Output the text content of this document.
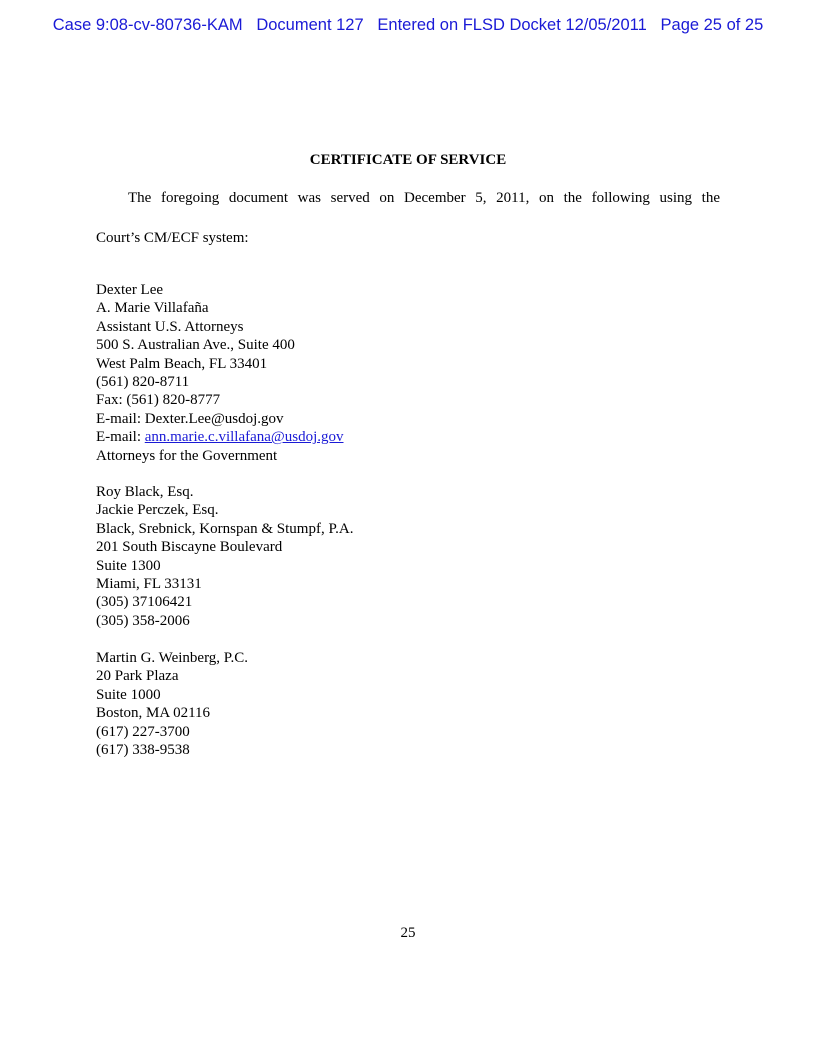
Case 9:08-cv-80736-KAM   Document 127   Entered on FLSD Docket 12/05/2011   Page 25 of 25
CERTIFICATE OF SERVICE
The foregoing document was served on December 5, 2011, on the following using the
Court’s CM/ECF system:
Dexter Lee
A. Marie Villafaña
Assistant U.S. Attorneys
500 S. Australian Ave., Suite 400
West Palm Beach, FL 33401
(561) 820-8711
Fax: (561) 820-8777
E-mail: Dexter.Lee@usdoj.gov
E-mail: ann.marie.c.villafana@usdoj.gov
Attorneys for the Government
Roy Black, Esq.
Jackie Perczek, Esq.
Black, Srebnick, Kornspan & Stumpf, P.A.
201 South Biscayne Boulevard
Suite 1300
Miami, FL 33131
(305) 37106421
(305) 358-2006
Martin G. Weinberg, P.C.
20 Park Plaza
Suite 1000
Boston, MA 02116
(617) 227-3700
(617) 338-9538
25
